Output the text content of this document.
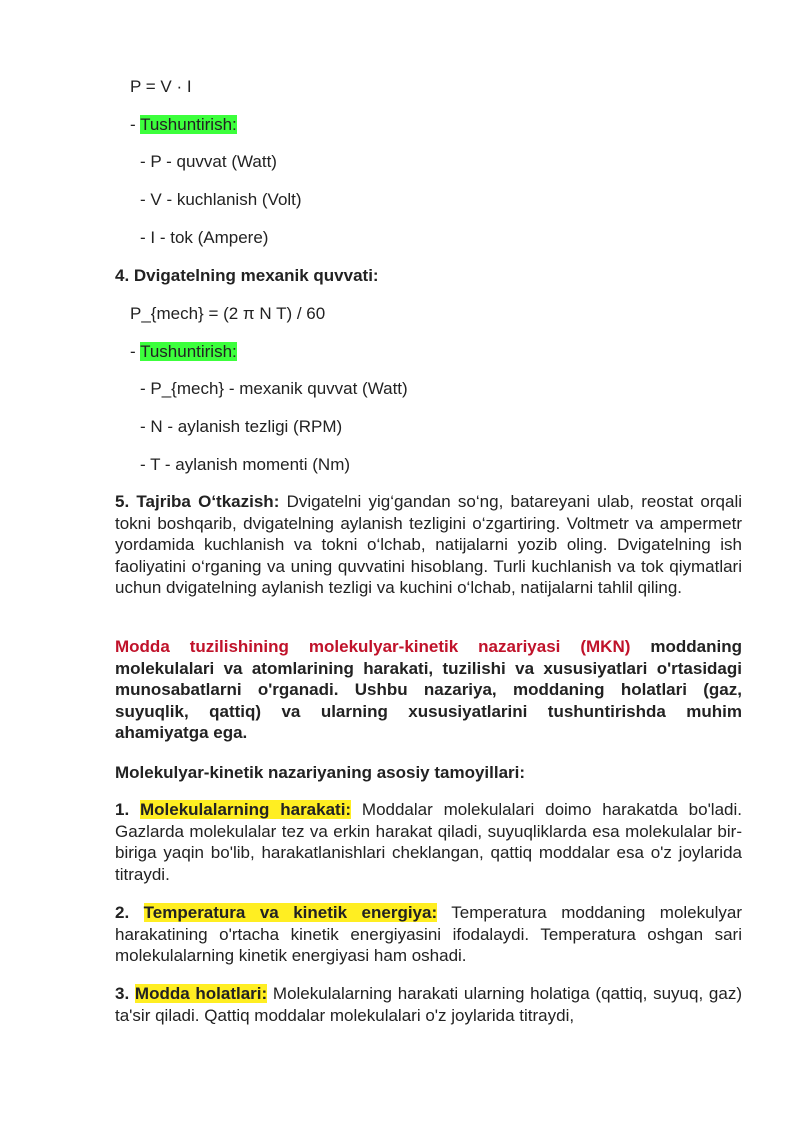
P = V · I

- Tushuntirish:

- P - quvvat (Watt)

- V - kuchlanish (Volt)

- I - tok (Ampere)

4. Dvigatelning mexanik quvvati:

P_{mech} = (2 π N T) / 60

- Tushuntirish:

- P_{mech} - mexanik quvvat (Watt)

- N - aylanish tezligi (RPM)

- T - aylanish momenti (Nm)

5. Tajriba O‘tkazish: Dvigatelni yig‘gandan so‘ng, batareyani ulab, reostat orqali tokni boshqarib, dvigatelning aylanish tezligini o‘zgartiring. Voltmetr va ampermetr yordamida kuchlanish va tokni o‘lchab, natijalarni yozib oling. Dvigatelning ish faoliyatini o‘rganing va uning quvvatini hisoblang. Turli kuchlanish va tok qiymatlari uchun dvigatelning aylanish tezligi va kuchini o‘lchab, natijalarni tahlil qiling.

Modda tuzilishining molekulyar-kinetik nazariyasi (MKN) moddaning molekulalari va atomlarining harakati, tuzilishi va xususiyatlari o'rtasidagi munosabatlarni o'rganadi. Ushbu nazariya, moddaning holatlari (gaz, suyuqlik, qattiq) va ularning xususiyatlarini tushuntirishda muhim ahamiyatga ega.

Molekulyar-kinetik nazariyaning asosiy tamoyillari:

1. Molekulalarning harakati: Moddalar molekulalari doimo harakatda bo'ladi. Gazlarda molekulalar tez va erkin harakat qiladi, suyuqliklarda esa molekulalar bir-biriga yaqin bo'lib, harakatlanishlari cheklangan, qattiq moddalar esa o'z joylarida titraydi.

2. Temperatura va kinetik energiya: Temperatura moddaning molekulyar harakatining o'rtacha kinetik energiyasini ifodalaydi. Temperatura oshgan sari molekulalarning kinetik energiyasi ham oshadi.

3. Modda holatlari: Molekulalarning harakati ularning holatiga (qattiq, suyuq, gaz) ta'sir qiladi. Qattiq moddalar molekulalari o'z joylarida titraydi,
